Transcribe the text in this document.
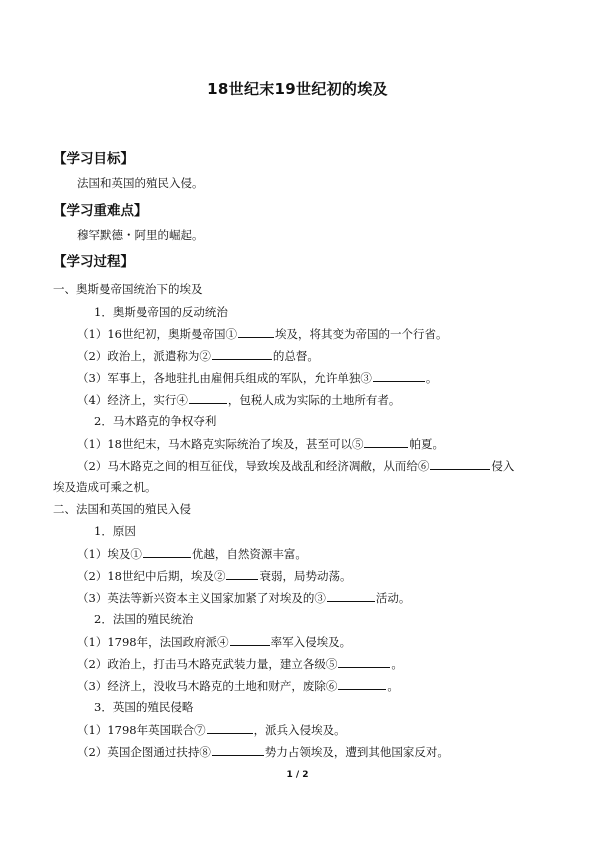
18世纪末19世纪初的埃及
【学习目标】
法国和英国的殖民入侵。
【学习重难点】
穆罕默德・阿里的崛起。
【学习过程】
一、奥斯曼帝国统治下的埃及
1．奥斯曼帝国的反动统治
（1）16世纪初，奥斯曼帝国①	埃及，将其变为帝国的一个行省。
（2）政治上，派遣称为②	的总督。
（3）军事上，各地驻扎由雇佣兵组成的军队，允许单独③	。
（4）经济上，实行④	，包税人成为实际的土地所有者。
2．马木路克的争权夺利
（1）18世纪末，马木路克实际统治了埃及，甚至可以⑤	帕夏。
（2）马木路克之间的相互征伐，导致埃及战乱和经济凋敝，从而给⑥	侵入
埃及造成可乘之机。
二、法国和英国的殖民入侵
1．原因
（1）埃及①	优越，自然资源丰富。
（2）18世纪中后期，埃及②	衰弱，局势动荡。
（3）英法等新兴资本主义国家加紧了对埃及的③	活动。
2．法国的殖民统治
（1）1798年，法国政府派④	率军入侵埃及。
（2）政治上，打击马木路克武装力量，建立各级⑤	。
（3）经济上，没收马木路克的土地和财产，废除⑥	。
3．英国的殖民侵略
（1）1798年英国联合⑦	，派兵入侵埃及。
（2）英国企图通过扶持⑧	势力占领埃及，遭到其他国家反对。
1 / 2
